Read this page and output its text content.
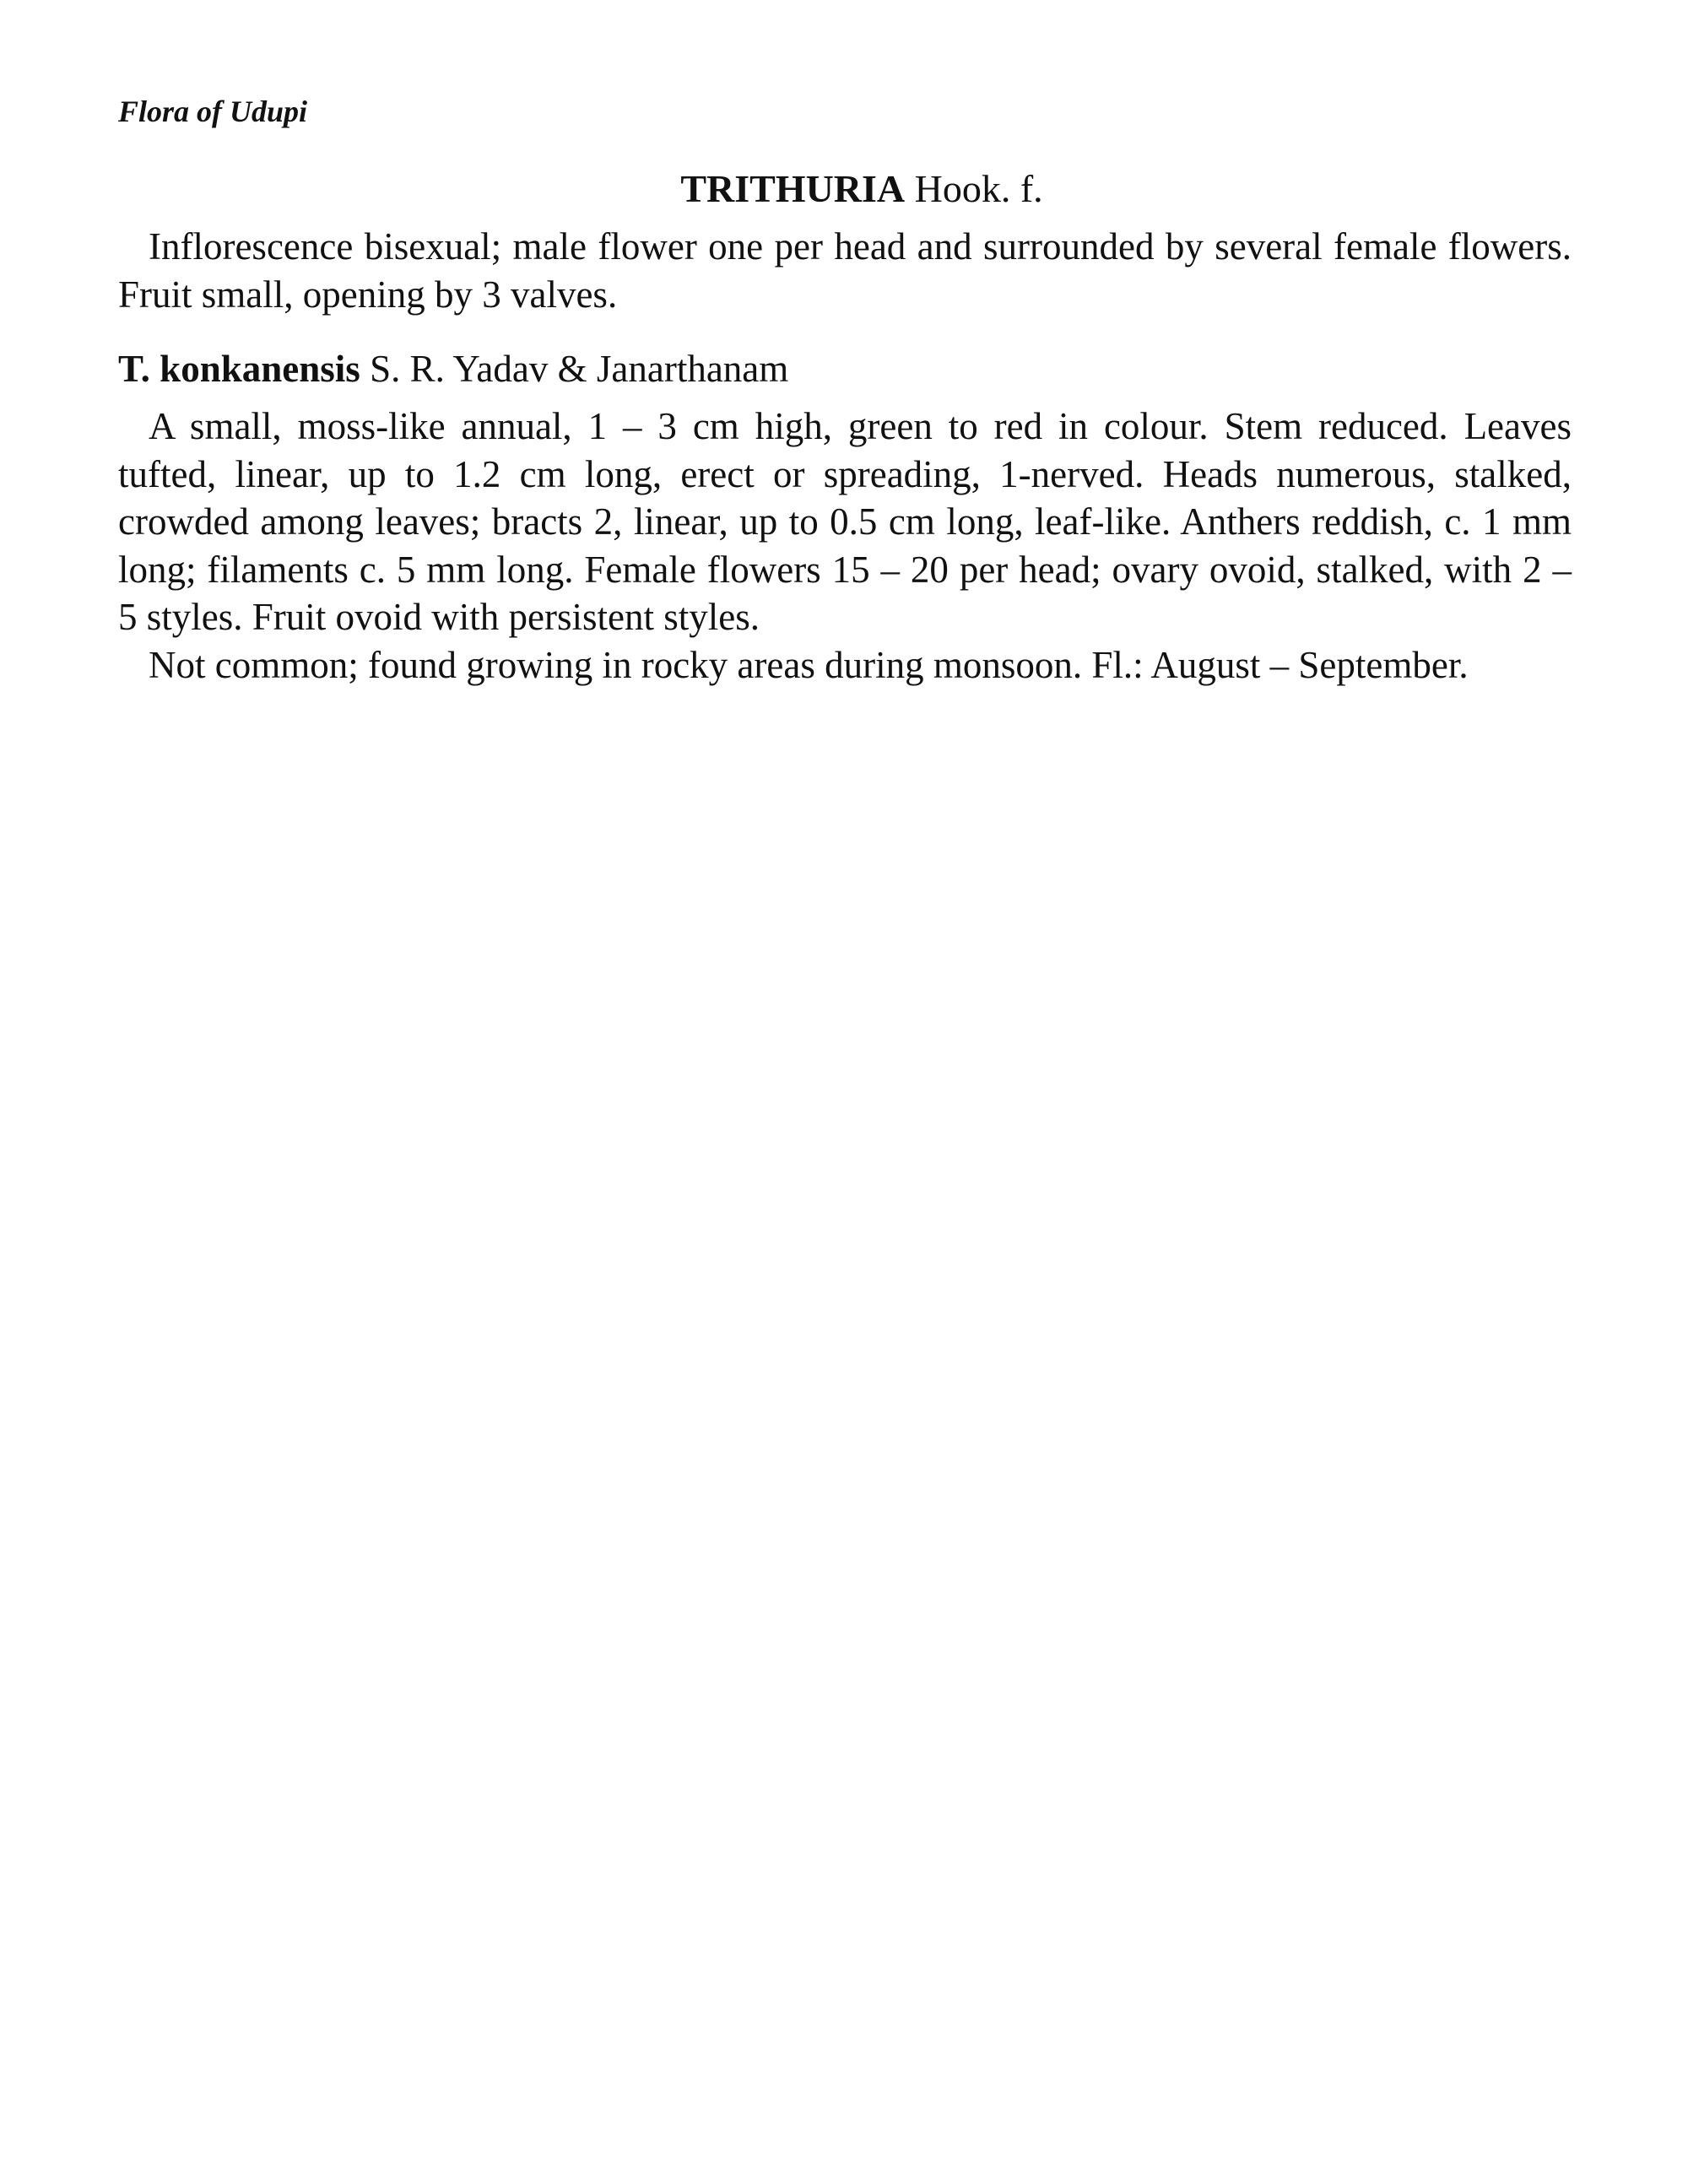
Flora of Udupi

TRITHURIA Hook. f.

Inflorescence bisexual; male flower one per head and surrounded by several female flowers. Fruit small, opening by 3 valves.

T. konkanensis S. R. Yadav & Janarthanam

A small, moss-like annual, 1 – 3 cm high, green to red in colour. Stem reduced. Leaves tufted, linear, up to 1.2 cm long, erect or spreading, 1-nerved. Heads numerous, stalked, crowded among leaves; bracts 2, linear, up to 0.5 cm long, leaf-like. Anthers reddish, c. 1 mm long; filaments c. 5 mm long. Female flowers 15 – 20 per head; ovary ovoid, stalked, with 2 – 5 styles. Fruit ovoid with persistent styles.

Not common; found growing in rocky areas during monsoon. Fl.: August – September.
